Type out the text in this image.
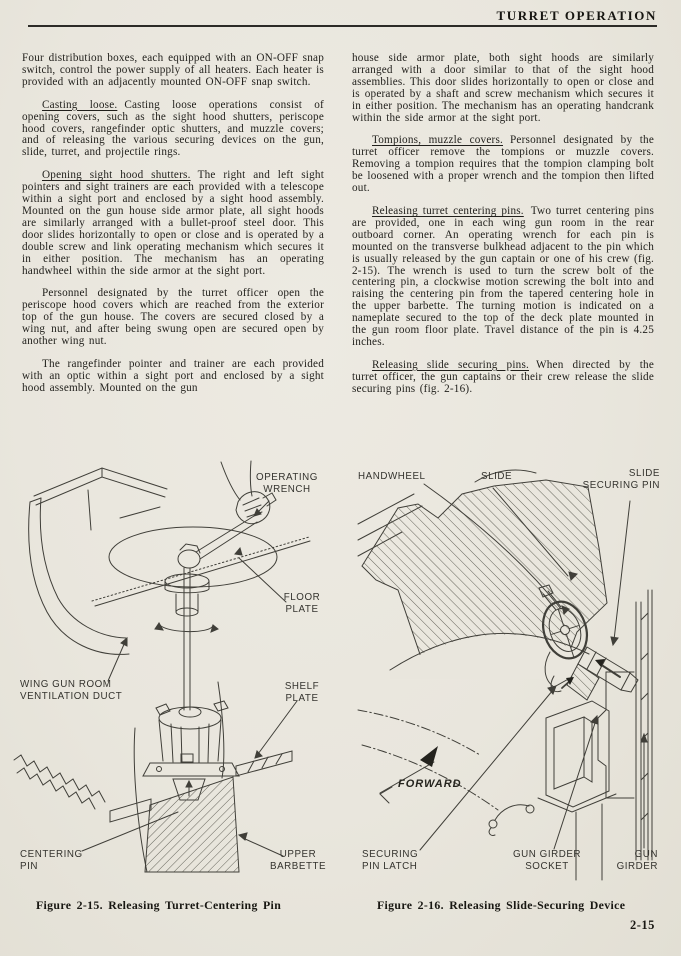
TURRET OPERATION

Four distribution boxes, each equipped with an ON-OFF snap switch, control the power supply of all heaters. Each heater is provided with an adjacently mounted ON-OFF snap switch.

Casting loose. Casting loose operations consist of opening covers, such as the sight hood shutters, periscope hood covers, rangefinder optic shutters, and muzzle covers; and of releasing the various securing devices on the gun, slide, turret, and projectile rings.

Opening sight hood shutters. The right and left sight pointers and sight trainers are each provided with a telescope within a sight port and enclosed by a sight hood assembly. Mounted on the gun house side armor plate, all sight hoods are similarly arranged with a bullet-proof steel door. This door slides horizontally to open or close and is operated by a double screw and link operating mechanism which secures it in either position. The mechanism has an operating handwheel within the side armor at the sight port.

Personnel designated by the turret officer open the periscope hood covers which are reached from the exterior top of the gun house. The covers are secured closed by a wing nut, and after being swung open are secured open by another wing nut.

The rangefinder pointer and trainer are each provided with an optic within a sight port and enclosed by a sight hood assembly. Mounted on the gun

house side armor plate, both sight hoods are similarly arranged with a door similar to that of the sight hood assemblies. This door slides horizontally to open or close and is operated by a shaft and screw mechanism which secures it in either position. The mechanism has an operating handcrank within the side armor at the sight port.

Tompions, muzzle covers. Personnel designated by the turret officer remove the tompions or muzzle covers. Removing a tompion requires that the tompion clamping bolt be loosened with a proper wrench and the tompion then lifted out.

Releasing turret centering pins. Two turret centering pins are provided, one in each wing gun room in the rear outboard corner. An operating wrench for each pin is mounted on the transverse bulkhead adjacent to the pin which is usually released by the gun captain or one of his crew (fig. 2-15). The wrench is used to turn the screw bolt of the centering pin, a clockwise motion screwing the bolt into and raising the centering pin from the tapered centering hole in the upper barbette. The turning motion is indicated on a nameplate secured to the top of the deck plate mounted in the gun room floor plate. Travel distance of the pin is 4.25 inches.

Releasing slide securing pins. When directed by the turret officer, the gun captains or their crew release the slide securing pins (fig. 2-16).

OPERATING
WRENCH
FLOOR
PLATE
WING GUN ROOM
VENTILATION DUCT
SHELF
PLATE
CENTERING
PIN
UPPER
BARBETTE
Figure 2-15. Releasing Turret-Centering Pin
HANDWHEEL	SLIDE	SLIDE
SECURING PIN
FORWARD
SECURING
PIN LATCH
GUN GIRDER
SOCKET
GUN
GIRDER
Figure 2-16. Releasing Slide-Securing Device
2-15
